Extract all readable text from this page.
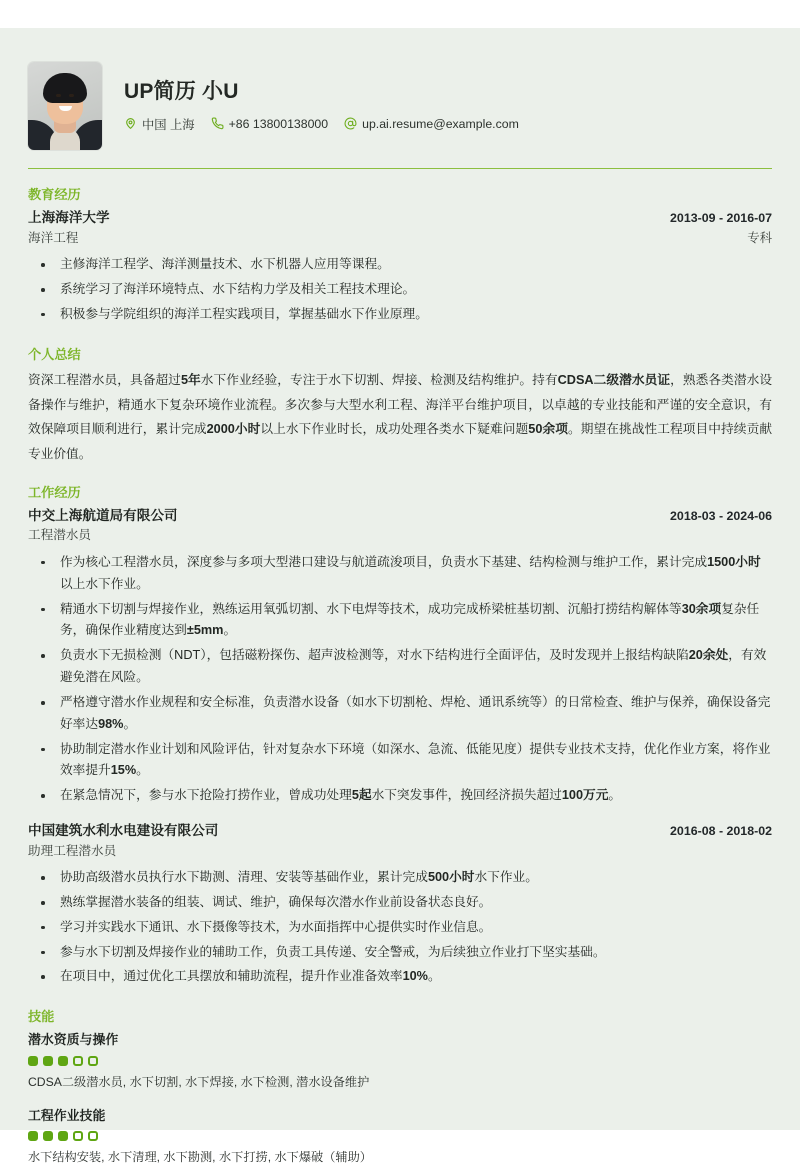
UP简历 小U
中国 上海	+86 13800138000	up.ai.resume@example.com
教育经历
上海海洋大学	2013-09 - 2016-07
海洋工程	专科
主修海洋工程学、海洋测量技术、水下机器人应用等课程。
系统学习了海洋环境特点、水下结构力学及相关工程技术理论。
积极参与学院组织的海洋工程实践项目，掌握基础水下作业原理。
个人总结
资深工程潜水员，具备超过5年水下作业经验，专注于水下切割、焊接、检测及结构维护。持有CDSA二级潜水员证，熟悉各类潜水设备操作与维护，精通水下复杂环境作业流程。多次参与大型水利工程、海洋平台维护项目，以卓越的专业技能和严谨的安全意识，有效保障项目顺利进行，累计完成2000小时以上水下作业时长，成功处理各类水下疑难问题50余项。期望在挑战性工程项目中持续贡献专业价值。
工作经历
中交上海航道局有限公司	2018-03 - 2024-06
工程潜水员
作为核心工程潜水员，深度参与多项大型港口建设与航道疏浚项目，负责水下基建、结构检测与维护工作，累计完成1500小时以上水下作业。
精通水下切割与焊接作业，熟练运用氧弧切割、水下电焊等技术，成功完成桥梁桩基切割、沉船打捞结构解体等30余项复杂任务，确保作业精度达到±5mm。
负责水下无损检测（NDT），包括磁粉探伤、超声波检测等，对水下结构进行全面评估，及时发现并上报结构缺陷20余处，有效避免潜在风险。
严格遵守潜水作业规程和安全标准，负责潜水设备（如水下切割枪、焊枪、通讯系统等）的日常检查、维护与保养，确保设备完好率达98%。
协助制定潜水作业计划和风险评估，针对复杂水下环境（如深水、急流、低能见度）提供专业技术支持，优化作业方案，将作业效率提升15%。
在紧急情况下，参与水下抢险打捞作业，曾成功处理5起水下突发事件，挽回经济损失超过100万元。
中国建筑水利水电建设有限公司	2016-08 - 2018-02
助理工程潜水员
协助高级潜水员执行水下勘测、清理、安装等基础作业，累计完成500小时水下作业。
熟练掌握潜水装备的组装、调试、维护，确保每次潜水作业前设备状态良好。
学习并实践水下通讯、水下摄像等技术，为水面指挥中心提供实时作业信息。
参与水下切割及焊接作业的辅助工作，负责工具传递、安全警戒，为后续独立作业打下坚实基础。
在项目中，通过优化工具摆放和辅助流程，提升作业准备效率10%。
技能
潜水资质与操作
CDSA二级潜水员, 水下切割, 水下焊接, 水下检测, 潜水设备维护
工程作业技能
水下结构安装, 水下清理, 水下勘测, 水下打捞, 水下爆破（辅助）
